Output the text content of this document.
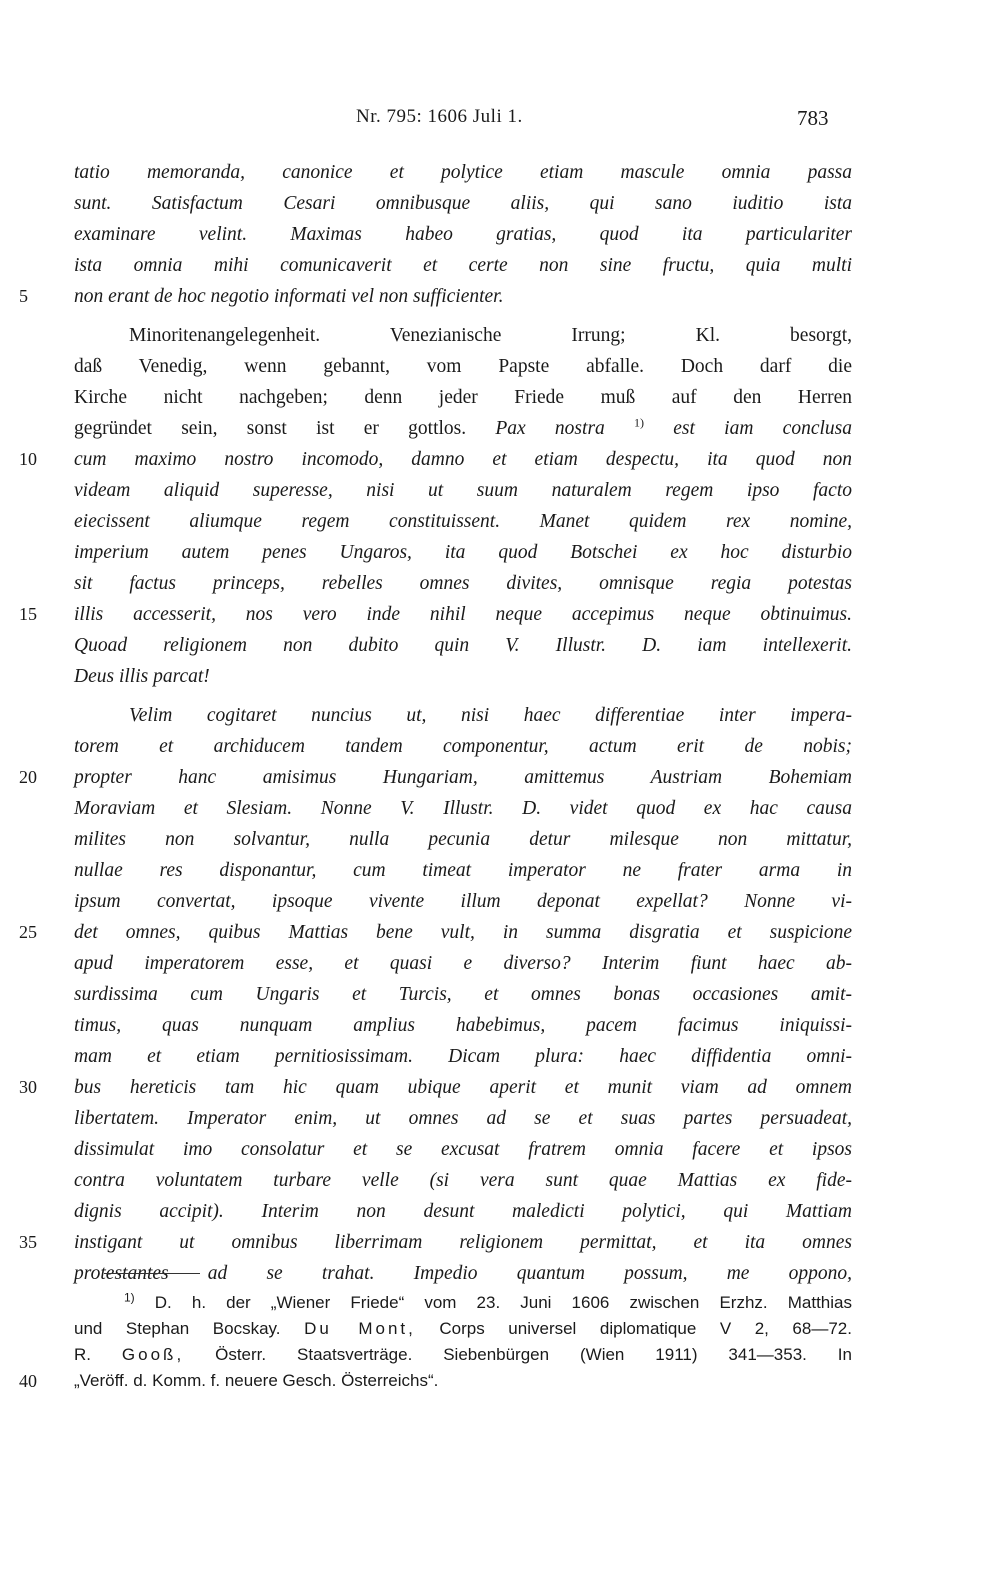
Nr. 795: 1606 Juli 1.	783
tatio memoranda, canonice et polytice etiam mascule omnia passa
sunt. Satisfactum Cesari omnibusque aliis, qui sano iuditio ista
examinare velint. Maximas habeo gratias, quod ita particulariter
ista omnia mihi comunicaverit et certe non sine fructu, quia multi
5	non erant de hoc negotio informati vel non sufficienter.
Minoritenangelegenheit. Venezianische Irrung; Kl. besorgt,
daß Venedig, wenn gebannt, vom Papste abfalle. Doch darf die
Kirche nicht nachgeben; denn jeder Friede muß auf den Herren
gegründet sein, sonst ist er gottlos. Pax nostra $^{1)}$ est iam conclusa
10 cum maximo nostro incomodo, damno et etiam despectu, ita quod non
videam aliquid superesse, nisi ut suum naturalem regem ipso facto
eiecissent aliumque regem constituissent. Manet quidem rex nomine,
imperium autem penes Ungaros, ita quod Botschei ex hoc disturbio
sit factus princeps, rebelles omnes divites, omnisque regia potestas
15 illis accesserit, nos vero inde nihil neque accepimus neque obtinuimus.
Quoad religionem non dubito quin V. Illustr. D. iam intellexerit.
Deus illis parcat!
Velim cogitaret nuncius ut, nisi haec differentiae inter impera-
torem et archiducem tandem componentur, actum erit de nobis;
20 propter hanc amisimus Hungariam, amittemus Austriam Bohemiam
Moraviam et Slesiam. Nonne V. Illustr. D. videt quod ex hac causa
milites non solvantur, nulla pecunia detur milesque non mittatur,
nullae res disponantur, cum timeat imperator ne frater arma in
ipsum convertat, ipsoque vivente illum deponat expellat? Nonne vi-
25 det omnes, quibus Mattias bene vult, in summa disgratia et suspicione
apud imperatorem esse, et quasi e diverso? Interim fiunt haec ab-
surdissima cum Ungaris et Turcis, et omnes bonas occasiones amit-
timus, quas nunquam amplius habebimus, pacem facimus iniquissi-
mam et etiam pernitiosissimam. Dicam plura: haec diffidentia omni-
30 bus hereticis tam hic quam ubique aperit et munit viam ad omnem
libertatem. Imperator enim, ut omnes ad se et suas partes persuadeat,
dissimulat imo consolatur et se excusat fratrem omnia facere et ipsos
contra voluntatem turbare velle (si vera sunt quae Mattias ex fide-
dignis accipit). Interim non desunt maledicti polytici, qui Mattiam
35 instigant ut omnibus liberrimam religionem permittat, et ita omnes
protestantes ad se trahat. Impedio quantum possum, me oppono,
$^{1)}$ D. h. der „Wiener Friede“ vom 23. Juni 1606 zwischen Erzhz. Matthias
und Stephan Bocskay. Du Mont, Corps universel diplomatique V 2, 68—72.
R. Gooß, Österr. Staatsverträge. Siebenbürgen (Wien 1911) 341—353. In
40 „Veröff. d. Komm. f. neuere Gesch. Österreichs“.
